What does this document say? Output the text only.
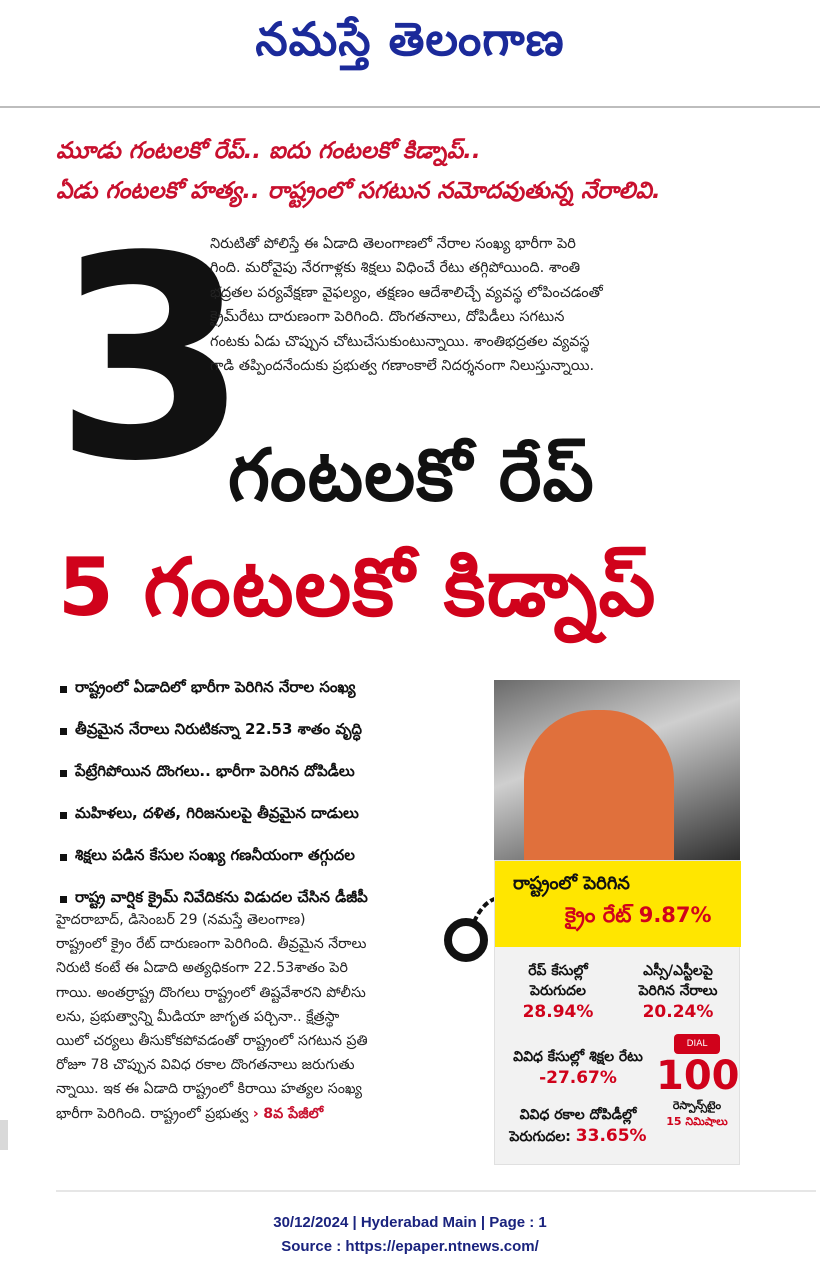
నమస్తే తెలంగాణ
మూడు గంటలకో రేప్.. ఐదు గంటలకో కిడ్నాప్..
ఏడు గంటలకో హత్య.. రాష్ట్రంలో సగటున నమోదవుతున్న నేరాలివి.
3

నిరుటితో పోలిస్తే ఈ ఏడాది తెలంగాణలో నేరాల సంఖ్య భారీగా పెరి

గింది. మరోవైపు నేరగాళ్లకు శిక్షలు విధించే రేటు తగ్గిపోయింది. శాంతి

భద్రతల పర్యవేక్షణా వైఫల్యం, తక్షణం ఆదేశాలిచ్చే వ్యవస్థ లోపించడంతో

క్రైమ్‌రేటు దారుణంగా పెరిగింది. దొంగతనాలు, దోపిడీలు సగటున

గంటకు ఏడు చొప్పున చోటుచేసుకుంటున్నాయి. శాంతిభద్రతల వ్యవస్థ

గాడి తప్పిందనేందుకు ప్రభుత్వ గణాంకాలే నిదర్శనంగా నిలుస్తున్నాయి.

గంటలకో రేప్
5 గంటలకో కిడ్నాప్
రాష్ట్రంలో ఏడాదిలో భారీగా పెరిగిన నేరాల సంఖ్య
తీవ్రమైన నేరాలు నిరుటికన్నా 22.53 శాతం వృద్ధి
పేట్రేగిపోయిన దొంగలు.. భారీగా పెరిగిన దోపిడీలు
మహిళలు, దళిత, గిరిజనులపై తీవ్రమైన దాడులు
శిక్షలు పడిన కేసుల సంఖ్య గణనీయంగా తగ్గుదల
రాష్ట్ర వార్షిక క్రైమ్ నివేదికను విడుదల చేసిన డీజీపీ

హైదరాబాద్, డిసెంబర్ 29 (నమస్తే తెలంగాణ)

రాష్ట్రంలో క్రైం రేట్ దారుణంగా పెరిగింది. తీవ్రమైన నేరాలు

నిరుటి కంటే ఈ ఏడాది అత్యధికంగా 22.53శాతం పెరి

గాయి. అంతర్రాష్ట్ర దొంగలు రాష్ట్రంలో తిష్టవేశారని పోలీసు

లను, ప్రభుత్వాన్ని మీడియా జాగృత పర్చినా.. క్షేత్రస్థా

యిలో చర్యలు తీసుకోకపోవడంతో రాష్ట్రంలో సగటున ప్రతి

రోజూ 78 చొప్పున వివిధ రకాల దొంగతనాలు జరుగుతు

న్నాయి. ఇక ఈ ఏడాది రాష్ట్రంలో కిరాయి హత్యల సంఖ్య

భారీగా పెరిగింది. రాష్ట్రంలో ప్రభుత్వ › 8వ పేజీలో

రాష్ట్రంలో పెరిగిన
క్రైం రేట్ 9.87%
రేప్ కేసుల్లో
పెరుగుదల
28.94%
ఎస్సీ/ఎస్టీలపై
పెరిగిన నేరాలు
20.24%
వివిధ కేసుల్లో శిక్షల రేటు
-27.67%
వివిధ రకాల దోపిడీల్లో
పెరుగుదల: 33.65%
DIAL
100
రెస్పాన్స్‌టైం
15 నిమిషాలు
30/12/2024 | Hyderabad Main | Page : 1
Source : https://epaper.ntnews.com/
